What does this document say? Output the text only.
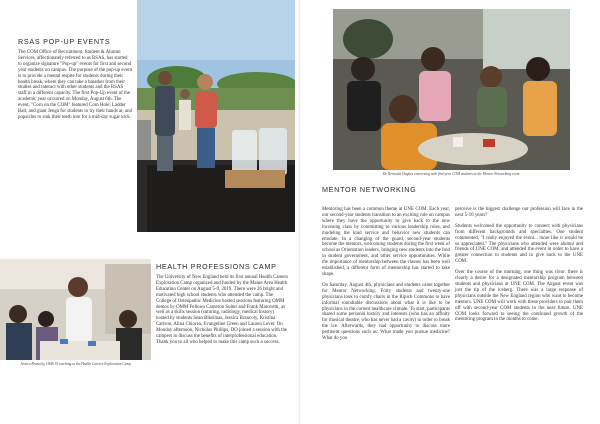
RSAS POP-UP EVENTS
The COM Office of Recruitment, Student & Alumni Services, affectionately referred to as RSAS, has started to organize signature "Pop-up" events for first and second year students on campus. The purpose of the pop-up event is to provide a mental respite for students during their health break, where they can take a breather from their studies and interact with other students and the RSAS staff in a different capacity. The first Pop-Up event of the academic year occurred on Monday, August 6th. The event, "Corn on the COM" featured Corn Hole, Ladder Ball, and giant Jenga for students to try their hands at, and popsicles to sink their teeth into for a mid-day sugar kick.
HEALTH PROFESSIONS CAMP
The University of New England held its first annual Health Careers Exploration Camp organized and funded by the Maine Area Health Education Center on August 5-9, 2019. There were 26 bright and motivated high school students who attended the camp. The College of Osteopathic Medicine hosted sessions featuring OMM demos by OMM Fellows Cameron Sulter and Frank Marovetti, as well as a skills session (suturing, radiology, medical history) hosted by students Sean Biksilnas, Jessica Brancoly, Kristina Carlson, Alina Chiorea, Evangeline Green and Lauren Lever. On Monday afternoon, Nicholas Phillips, DO joined a session with the campers to discuss the benefits of interprofessional education. Thank you to all who helped to make this camp such a success.
Jessica Brancoly, OMS 3S teaching at the Health Careers Exploration Camp
Dr. Bernadet Hughes conversing with first-year COM students at the Mentor Networking event.
MENTOR NETWORKING

Mentoring has been a common theme at UNE COM. Each year, our second-year students transition to an exciting role on campus where they have the opportunity to give back to the new incoming class by committing to various leadership roles, and modeling the kind service and behavior new students can emulate. In a changing of the guard, second-year students become the mentors, welcoming students during the first week of school as Orientation leaders, bringing new students into the fold in student government, and other service opportunities. While the importance of mentorship between the classes has been well established, a different form of mentorship has started to take shape.

On Saturday, August 4th, physicians and students came together for Mentor Networking. Forty students and twenty-one physicians took to comfy chairs in the Ripich Commons to have informal roundtable discussions about what it is like to be physicians in the current healthcare climate. To start, participants shared some personal history and interests (who has an affinity for musical theatre, who has never had a cavity) in order to break the ice. Afterwards, they had opportunity to discuss more pertinent questions such as: What made you pursue medicine? What do you

perceive is the biggest challenge our profession will face in the next 5-10 years?

Students welcomed the opportunity to connect with physicians from different backgrounds and specialties. One student commented, "I really enjoyed the event... more like it would be so appreciated." The physicians who attended were alumni and friends of UNE COM, and attended the event in order to have a greater connection to students and to give back to the UNE COM.

Over the course of the morning, one thing was clear: there is clearly a desire for a designated mentorship program between students and physicians at UNE COM. The August event was just the tip of the iceberg. There was a large response of physicians outside the New England region who want to become mentors. UNE COM will work with these providers to pair them off with second-year COM students in the near future. UNE COM looks forward to seeing the continued growth of the mentoring program in the months to come.
